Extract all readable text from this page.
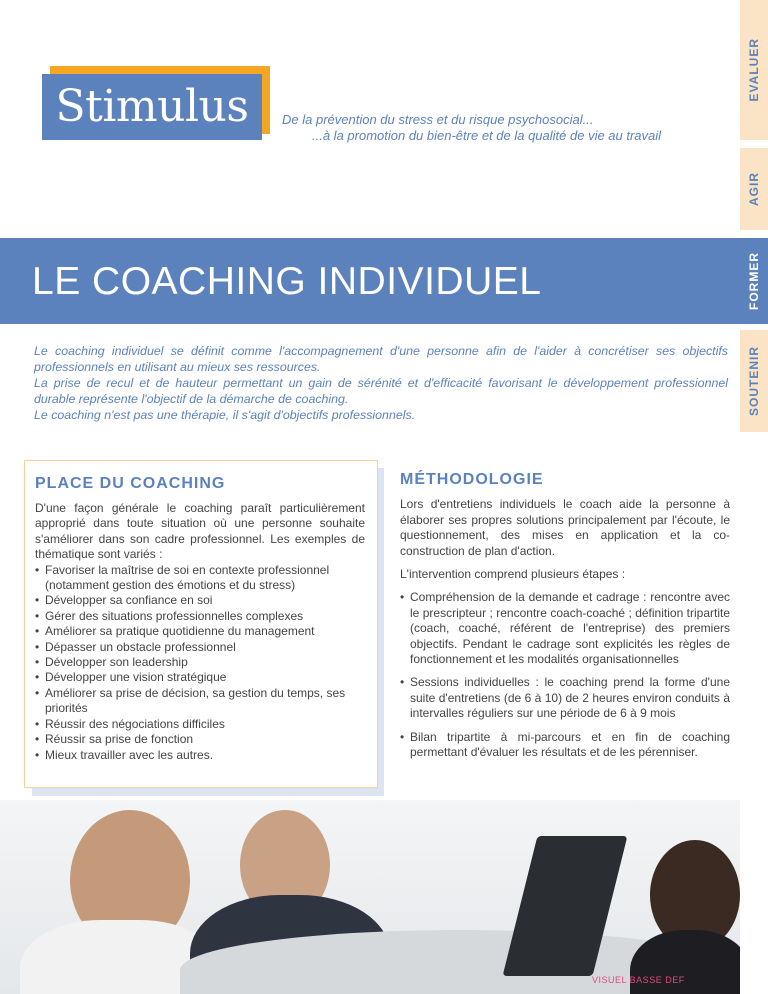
Stimulus	De la prévention du stress et du risque psychosocial...
...à la promotion du bien-être et de la qualité de vie au travail
LE COACHING INDIVIDUEL
EVALUER
AGIR
FORMER
SOUTENIR

Le coaching individuel se définit comme l'accompagnement d'une personne afin de l'aider à concrétiser ses objectifs professionnels en utilisant au mieux ses ressources.

La prise de recul et de hauteur permettant un gain de sérénité et d'efficacité favorisant le développement professionnel durable représente l'objectif de la démarche de coaching.

Le coaching n'est pas une thérapie, il s'agit d'objectifs professionnels.

PLACE DU COACHING

D'une façon générale le coaching paraît particulièrement approprié dans toute situation où une personne souhaite s'améliorer dans son cadre professionnel. Les exemples de thématique sont variés :

• Favoriser la maîtrise de soi en contexte professionnel (notamment gestion des émotions et du stress)
• Développer sa confiance en soi
• Gérer des situations professionnelles complexes
• Améliorer sa pratique quotidienne du management
• Dépasser un obstacle professionnel
• Développer son leadership
• Développer une vision stratégique
• Améliorer sa prise de décision, sa gestion du temps, ses priorités
• Réussir des négociations difficiles
• Réussir sa prise de fonction
• Mieux travailler avec les autres.
MÉTHODOLOGIE

Lors d'entretiens individuels le coach aide la personne à élaborer ses propres solutions principalement par l'écoute, le questionnement, des mises en application et la co-construction de plan d'action.

L'intervention comprend plusieurs étapes :

• Compréhension de la demande et cadrage : rencontre avec le prescripteur ; rencontre coach-coaché ; définition tripartite (coach, coaché, référent de l'entreprise) des premiers objectifs. Pendant le cadrage sont explicités les règles de fonctionnement et les modalités organisationnelles
• Sessions individuelles : le coaching prend la forme d'une suite d'entretiens (de 6 à 10) de 2 heures environ conduits à intervalles réguliers sur une période de 6 à 9 mois
• Bilan tripartite à mi-parcours et en fin de coaching permettant d'évaluer les résultats et de les pérenniser.
VISUEL BASSE DEF
